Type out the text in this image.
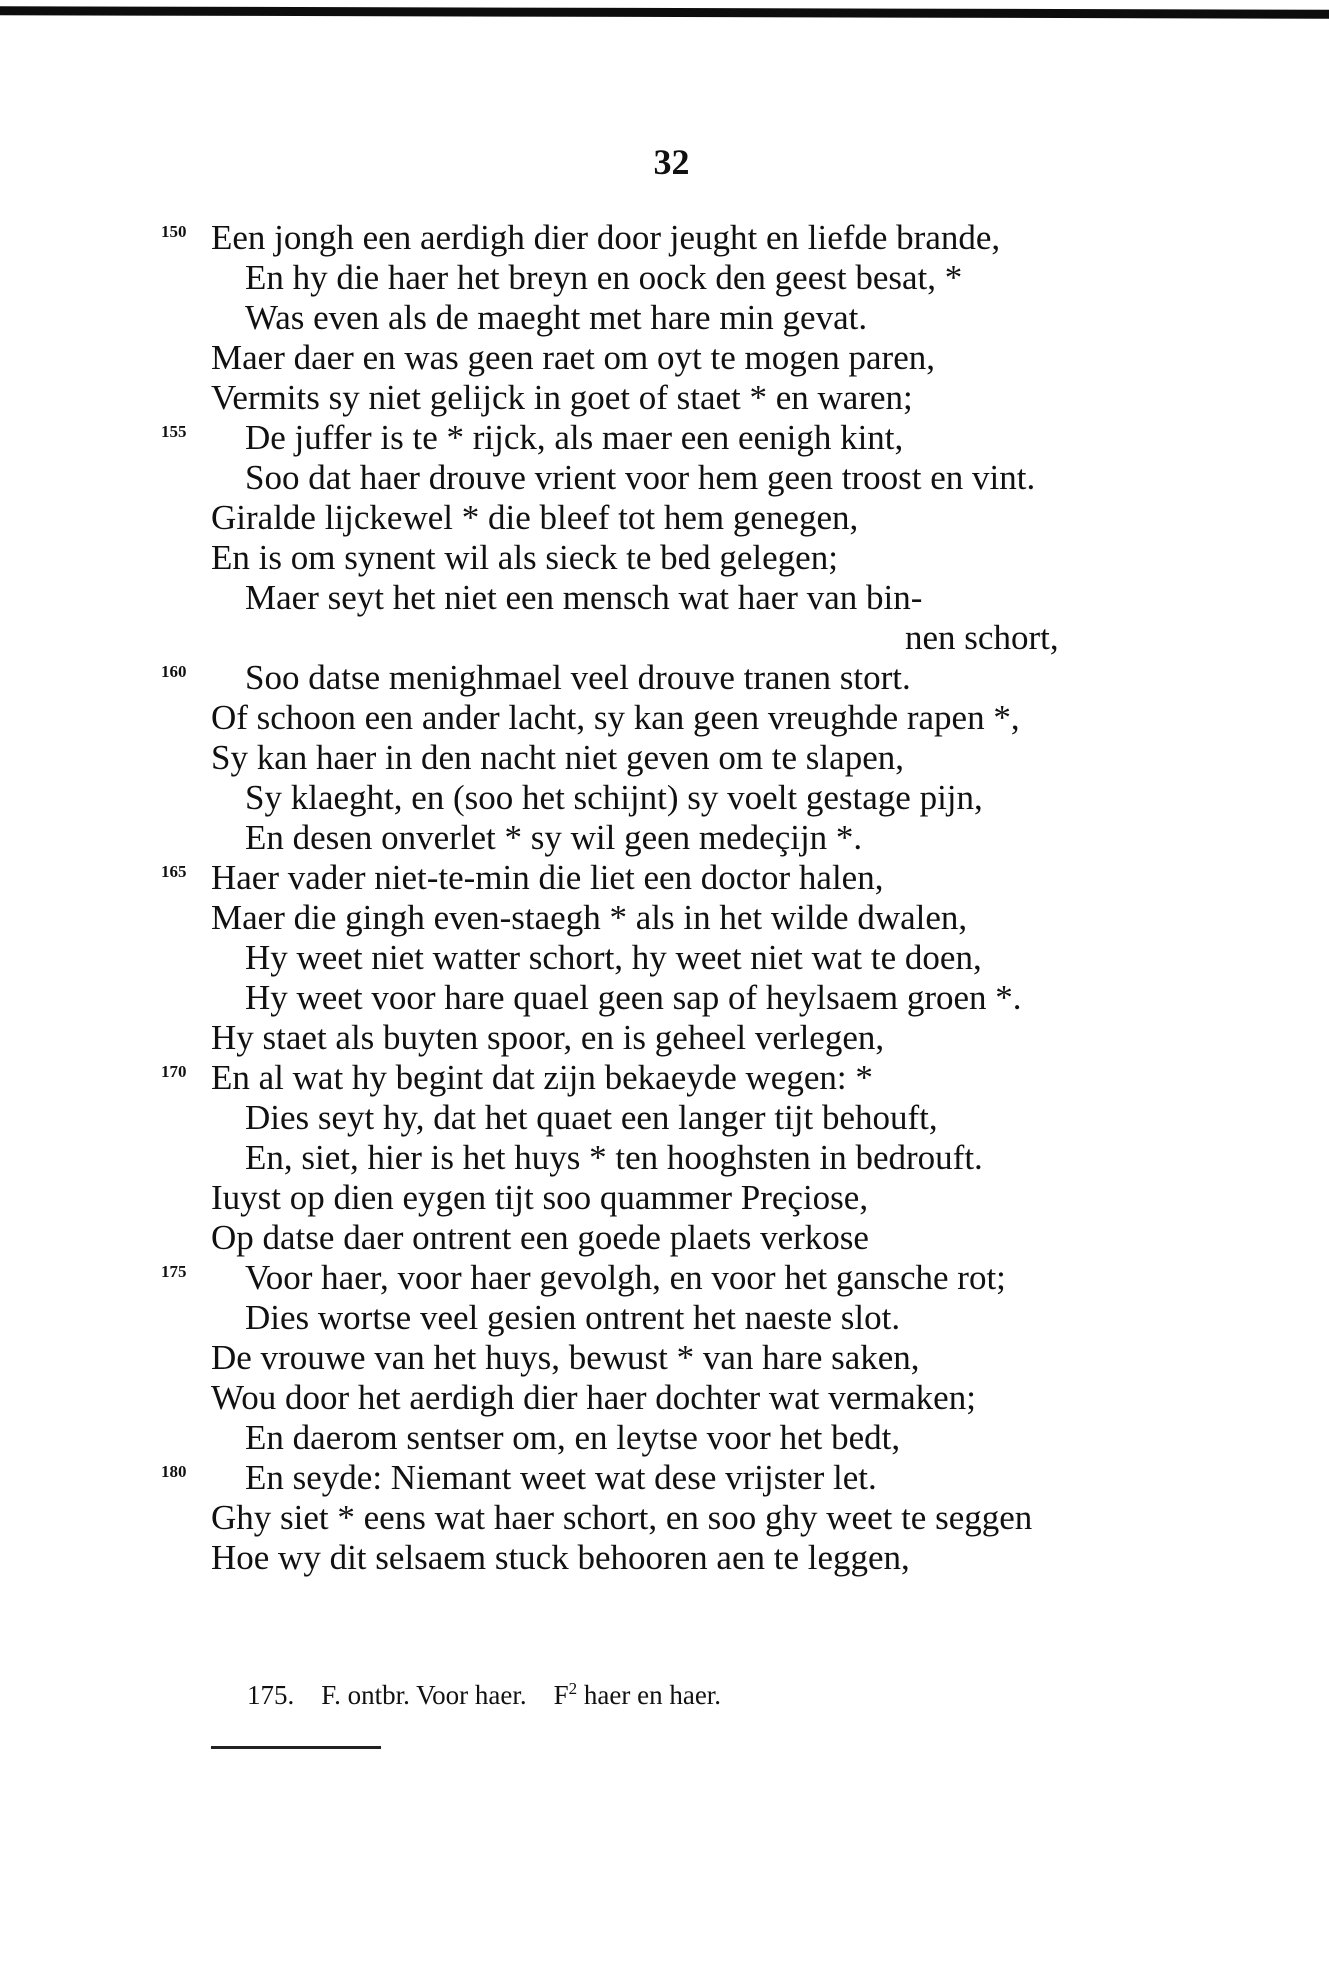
32
150 Een jongh een aerdigh dier door jeught en liefde brande,
En hy die haer het breyn en oock den geest besat, *
Was even als de maeght met hare min gevat.
Maer daer en was geen raet om oyt te mogen paren,
Vermits sy niet gelijck in goet of staet * en waren;
155 De juffer is te * rijck, als maer een eenigh kint,
Soo dat haer drouve vrient voor hem geen troost en vint.
Giralde lijckewel * die bleef tot hem genegen,
En is om synent wil als sieck te bed gelegen;
Maer seyt het niet een mensch wat haer van bin-
nen schort,
160 Soo datse menighmael veel drouve tranen stort.
Of schoon een ander lacht, sy kan geen vreughde rapen *,
Sy kan haer in den nacht niet geven om te slapen,
Sy klaeght, en (soo het schijnt) sy voelt gestage pijn,
En desen onverlet * sy wil geen medeçijn *.
165 Haer vader niet-te-min die liet een doctor halen,
Maer die gingh even-staegh * als in het wilde dwalen,
Hy weet niet watter schort, hy weet niet wat te doen,
Hy weet voor hare quael geen sap of heylsaem groen *.
Hy staet als buyten spoor, en is geheel verlegen,
170 En al wat hy begint dat zijn bekaeyde wegen: *
Dies seyt hy, dat het quaet een langer tijt behouft,
En, siet, hier is het huys * ten hooghsten in bedrouft.
Iuyst op dien eygen tijt soo quammer Preçiose,
Op datse daer ontrent een goede plaets verkose
175 Voor haer, voor haer gevolgh, en voor het gansche rot;
Dies wortse veel gesien ontrent het naeste slot.
De vrouwe van het huys, bewust * van hare saken,
Wou door het aerdigh dier haer dochter wat vermaken;
En daerom sentser om, en leytse voor het bedt,
180 En seyde: Niemant weet wat dese vrijster let.
Ghy siet * eens wat haer schort, en soo ghy weet te seggen
Hoe wy dit selsaem stuck behooren aen te leggen,
175. F. ontbr. Voor haer. $F^2$ haer en haer.
